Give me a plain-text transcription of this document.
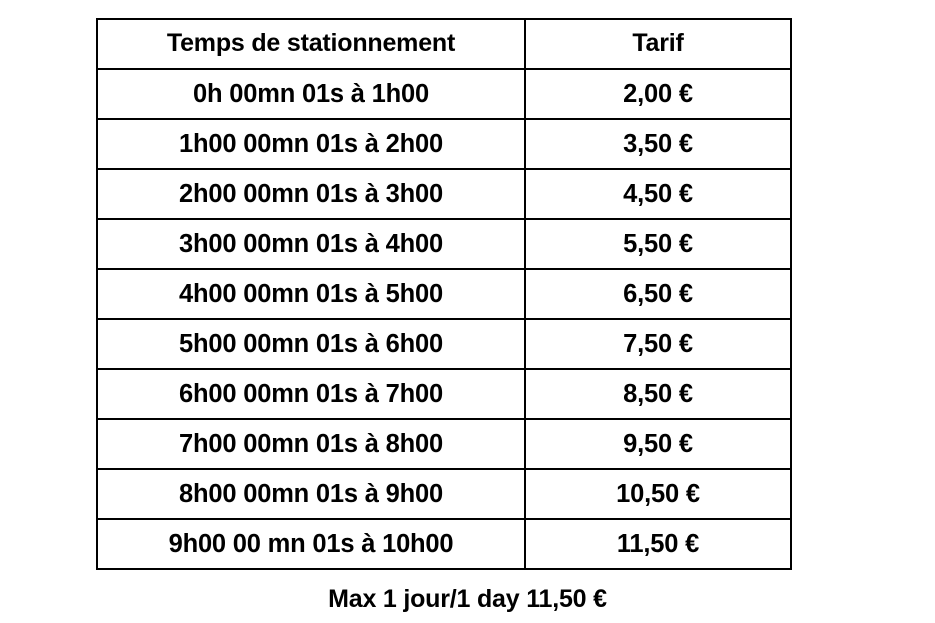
Temps de stationnement	Tarif
0h 00mn 01s à 1h00	2,00 €
1h00 00mn 01s à 2h00	3,50 €
2h00 00mn 01s à 3h00	4,50 €
3h00 00mn 01s à 4h00	5,50 €
4h00 00mn 01s à 5h00	6,50 €
5h00 00mn 01s à 6h00	7,50 €
6h00 00mn 01s à 7h00	8,50 €
7h00 00mn 01s à 8h00	9,50 €
8h00 00mn 01s à 9h00	10,50 €
9h00 00 mn 01s à 10h00	11,50 €
Max 1 jour/1 day 11,50 €
